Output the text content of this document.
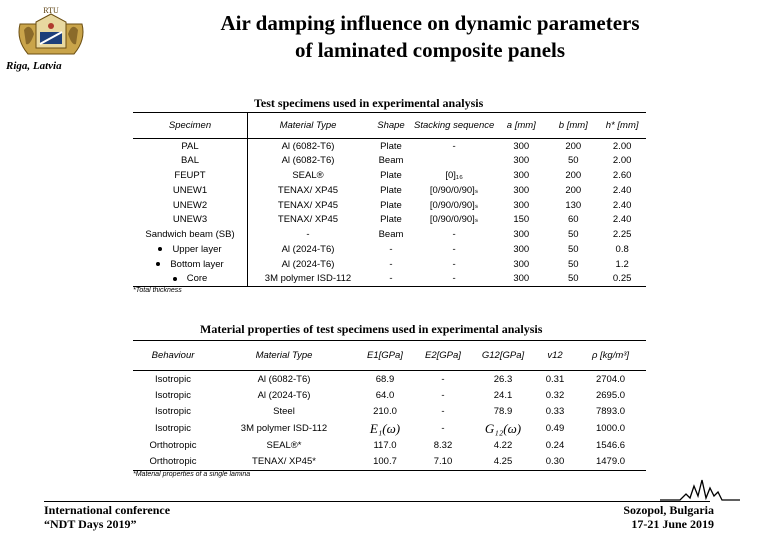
RTU
Riga, Latvia
Air damping influence on dynamic parameters
of laminated composite panels
Test specimens used in experimental analysis
Specimen	Material Type	Shape	Stacking sequence	a [mm]	b [mm]	h* [mm]
PAL	Al (6082-T6)	Plate	-	300	200	2.00
BAL	Al (6082-T6)	Beam		300	50	2.00
FEUPT	SEAL®	Plate	[0]₁₆	300	200	2.60
UNEW1	TENAX/ XP45	Plate	[0/90/0/90]ₛ	300	200	2.40
UNEW2	TENAX/ XP45	Plate	[0/90/0/90]ₛ	300	130	2.40
UNEW3	TENAX/ XP45	Plate	[0/90/0/90]ₛ	150	60	2.40
Sandwich beam (SB)	-	Beam	-	300	50	2.25
Upper layer	Al (2024-T6)	-	-	300	50	0.8
Bottom layer	Al (2024-T6)	-	-	300	50	1.2
Core	3M polymer ISD-112	-	-	300	50	0.25
*Total thickness
Material properties of test specimens used in experimental analysis
Behaviour	Material Type	E1[GPa]	E2[GPa]	G12[GPa]	v12	ρ [kg/m³]
Isotropic	Al (6082-T6)	68.9	-	26.3	0.31	2704.0
Isotropic	Al (2024-T6)	64.0	-	24.1	0.32	2695.0
Isotropic	Steel	210.0	-	78.9	0.33	7893.0
Isotropic	3M polymer ISD-112	E₁(ω)	-	G₁₂(ω)	0.49	1000.0
Orthotropic	SEAL®*	117.0	8.32	4.22	0.24	1546.6
Orthotropic	TENAX/ XP45*	100.7	7.10	4.25	0.30	1479.0
*Material properties of a single lamina
International conference
“NDT Days 2019”
Sozopol, Bulgaria
17-21 June 2019
